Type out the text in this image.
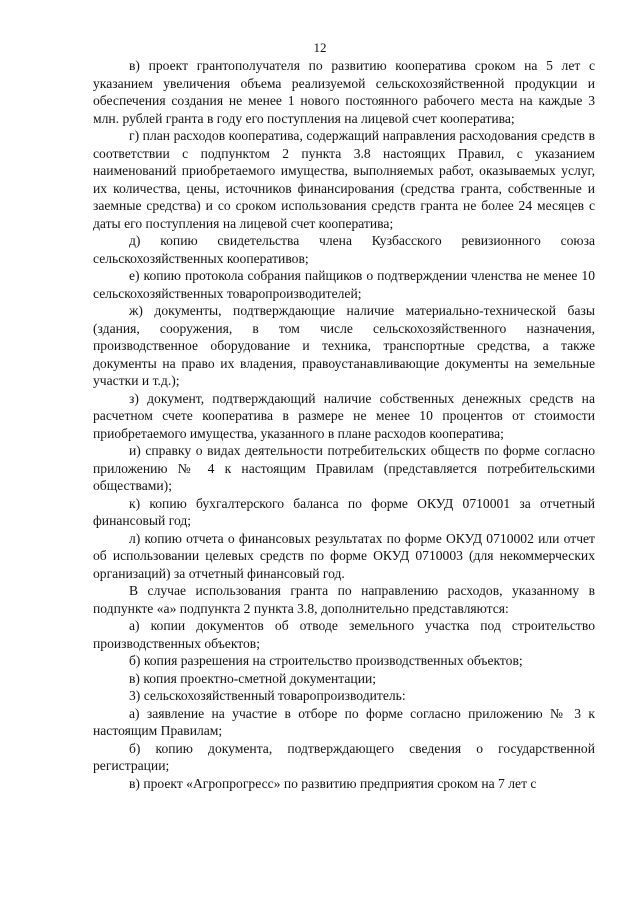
12

в) проект грантополучателя по развитию кооператива сроком на 5 лет с указанием увеличения объема реализуемой сельскохозяйственной продукции и обеспечения создания не менее 1 нового постоянного рабочего места на каждые 3 млн. рублей гранта в году его поступления на лицевой счет кооператива;

г) план расходов кооператива, содержащий направления расходования средств в соответствии с подпунктом 2 пункта 3.8 настоящих Правил, с указанием наименований приобретаемого имущества, выполняемых работ, оказываемых услуг, их количества, цены, источников финансирования (средства гранта, собственные и заемные средства) и со сроком использования средств гранта не более 24 месяцев с даты его поступления на лицевой счет кооператива;

д) копию свидетельства члена Кузбасского ревизионного союза сельскохозяйственных кооперативов;

е) копию протокола собрания пайщиков о подтверждении членства не менее 10 сельскохозяйственных товаропроизводителей;

ж) документы, подтверждающие наличие материально-технической базы (здания, сооружения, в том числе сельскохозяйственного назначения, производственное оборудование и техника, транспортные средства, а также документы на право их владения, правоустанавливающие документы на земельные участки и т.д.);

з) документ, подтверждающий наличие собственных денежных средств на расчетном счете кооператива в размере не менее 10 процентов от стоимости приобретаемого имущества, указанного в плане расходов кооператива;

и) справку о видах деятельности потребительских обществ по форме согласно приложению № 4 к настоящим Правилам (представляется потребительскими обществами);

к) копию бухгалтерского баланса по форме ОКУД 0710001 за отчетный финансовый год;

л) копию отчета о финансовых результатах по форме ОКУД 0710002 или отчет об использовании целевых средств по форме ОКУД 0710003 (для некоммерческих организаций) за отчетный финансовый год.

В случае использования гранта по направлению расходов, указанному в подпункте «а» подпункта 2 пункта 3.8, дополнительно представляются:

а) копии документов об отводе земельного участка под строительство производственных объектов;

б) копия разрешения на строительство производственных объектов;

в) копия проектно-сметной документации;

3) сельскохозяйственный товаропроизводитель:

а) заявление на участие в отборе по форме согласно приложению № 3 к настоящим Правилам;

б) копию документа, подтверждающего сведения о государственной регистрации;

в) проект «Агропрогресс» по развитию предприятия сроком на 7 лет с
